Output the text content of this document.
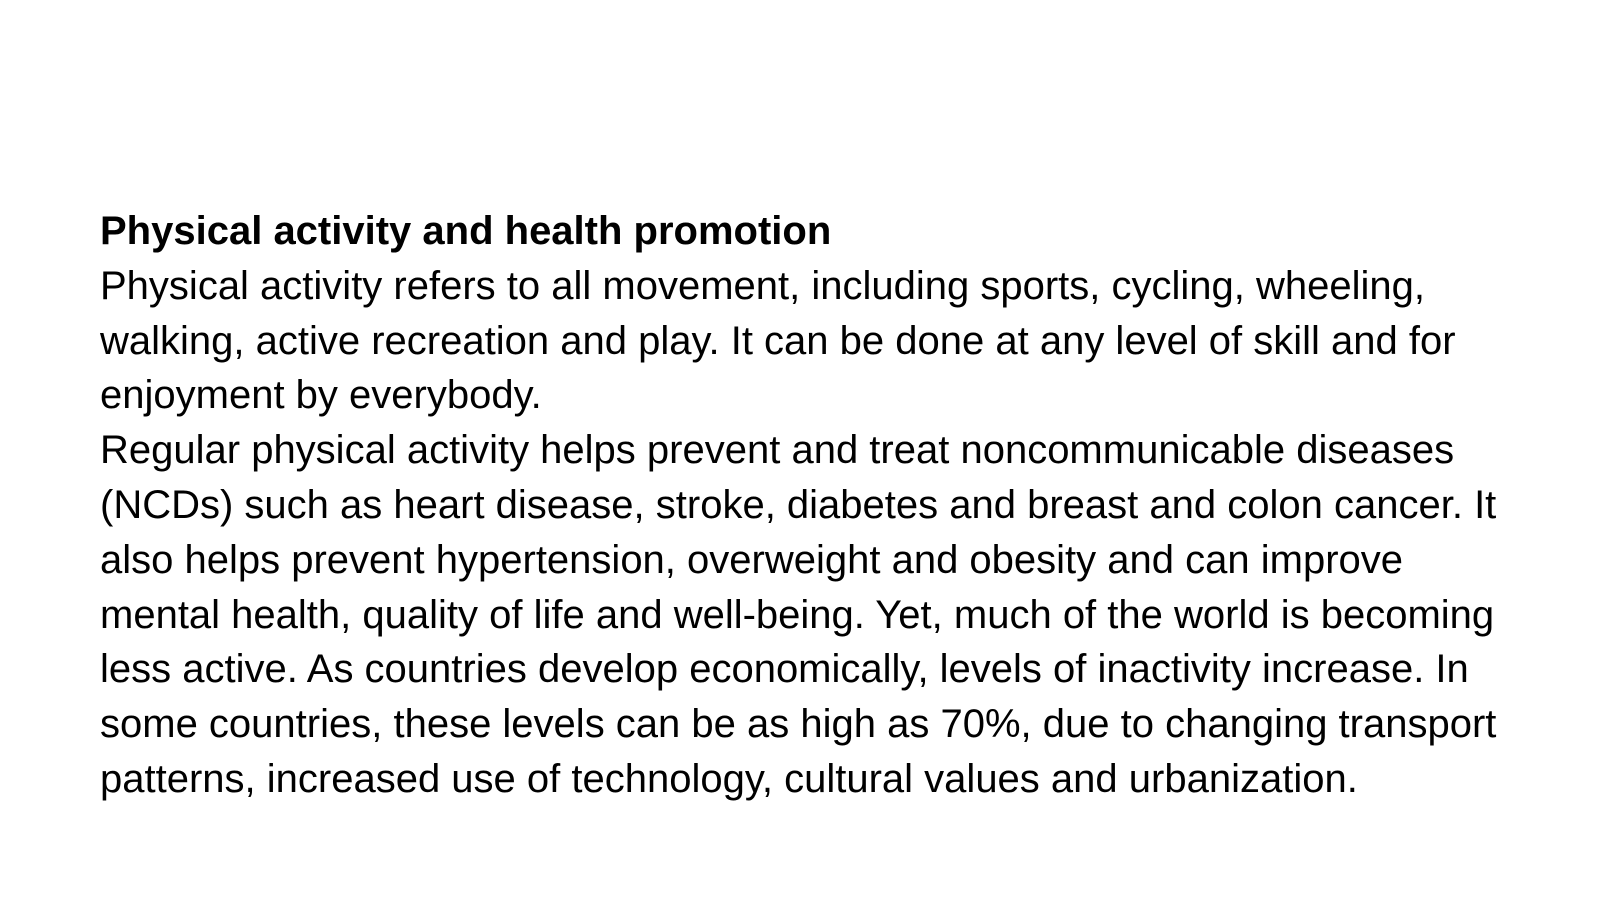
Physical activity and health promotion

Physical activity refers to all movement, including sports, cycling, wheeling, walking, active recreation and play. It can be done at any level of skill and for enjoyment by everybody.

Regular physical activity helps prevent and treat noncommunicable diseases (NCDs) such as heart disease, stroke, diabetes and breast and colon cancer. It also helps prevent hypertension, overweight and obesity and can improve mental health, quality of life and well-being. Yet, much of the world is becoming less active. As countries develop economically, levels of inactivity increase. In some countries, these levels can be as high as 70%, due to changing transport patterns, increased use of technology, cultural values and urbanization.
